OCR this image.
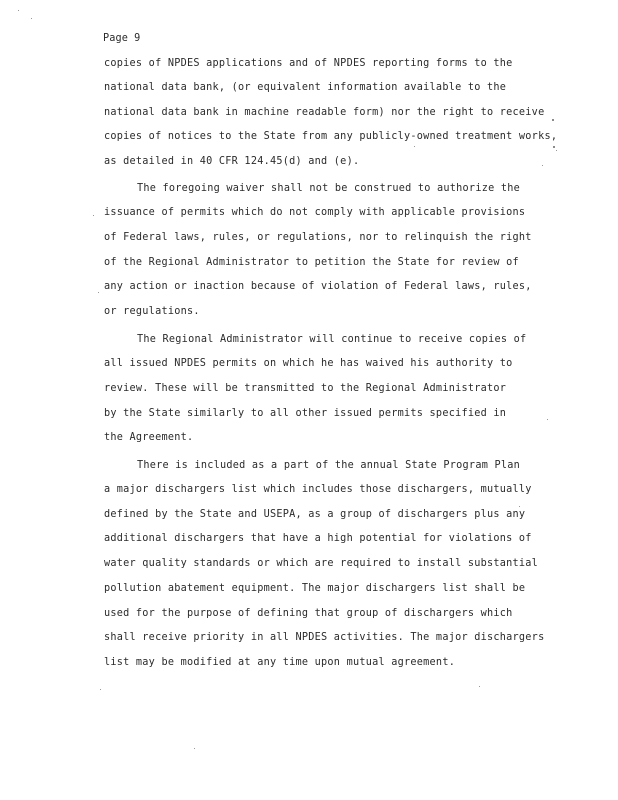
Page 9
copies of NPDES applications and of NPDES reporting forms to the
national data bank, (or equivalent information available to the
national data bank in machine readable form) nor the right to receive
copies of notices to the State from any publicly-owned treatment works,
as detailed in 40 CFR 124.45(d) and (e).
The foregoing waiver shall not be construed to authorize the
issuance of permits which do not comply with applicable provisions
of Federal laws, rules, or regulations, nor to relinquish the right
of the Regional Administrator to petition the State for review of
any action or inaction because of violation of Federal laws, rules,
or regulations.
The Regional Administrator will continue to receive copies of
all issued NPDES permits on which he has waived his authority to
review. These will be transmitted to the Regional Administrator
by the State similarly to all other issued permits specified in
the Agreement.
There is included as a part of the annual State Program Plan
a major dischargers list which includes those dischargers, mutually
defined by the State and USEPA, as a group of dischargers plus any
additional dischargers that have a high potential for violations of
water quality standards or which are required to install substantial
pollution abatement equipment. The major dischargers list shall be
used for the purpose of defining that group of dischargers which
shall receive priority in all NPDES activities. The major dischargers
list may be modified at any time upon mutual agreement.
